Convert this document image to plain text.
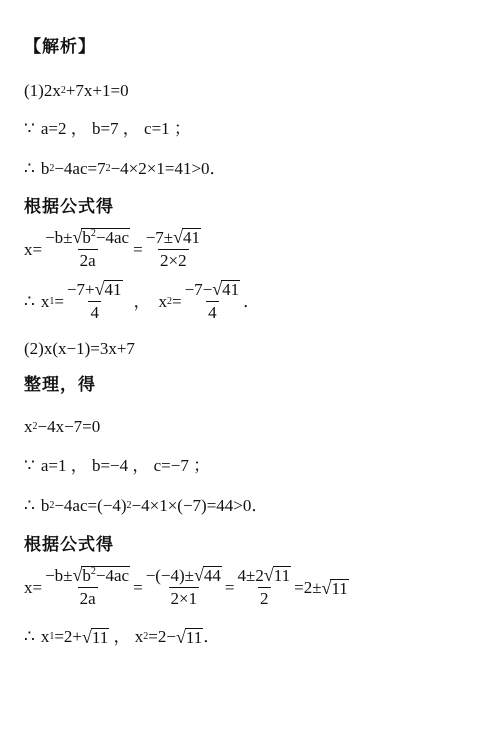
【解析】
(1) 2x 2 +7x+1=0
∵ a=2 ， b=7 ， c=1 ；
∴ b 2 −4ac=7 2 −4×2×1=41>0．
根据公式得
$x= \frac{-b\pm √ b^2-4ac}{2a} = \frac{-7\pm √ 41}{2\times 2}$
∴ x $1 = \frac{-7+ √ 41}{4}$ ， x $2 = \frac{-7- √ 41}{4}$ ．
(2) x(x−1)=3x+7
整理，得
x 2 −4x−7=0
∵ a=1 ， b=−4 ， c=−7 ；
∴ b 2 −4ac=(−4) 2 −4×1×(−7)=44>0．
根据公式得
$x= \frac{-b\pm √ b^2-4ac}{2a} = \frac{-(-4)\pm √ 44}{2\times 1} = \frac{4\pm 2 √ 11}{2} = 2\pm$ √ 11
∴ x 1 =2+ √ 11 ， x 2 =2− √ 11 ．
